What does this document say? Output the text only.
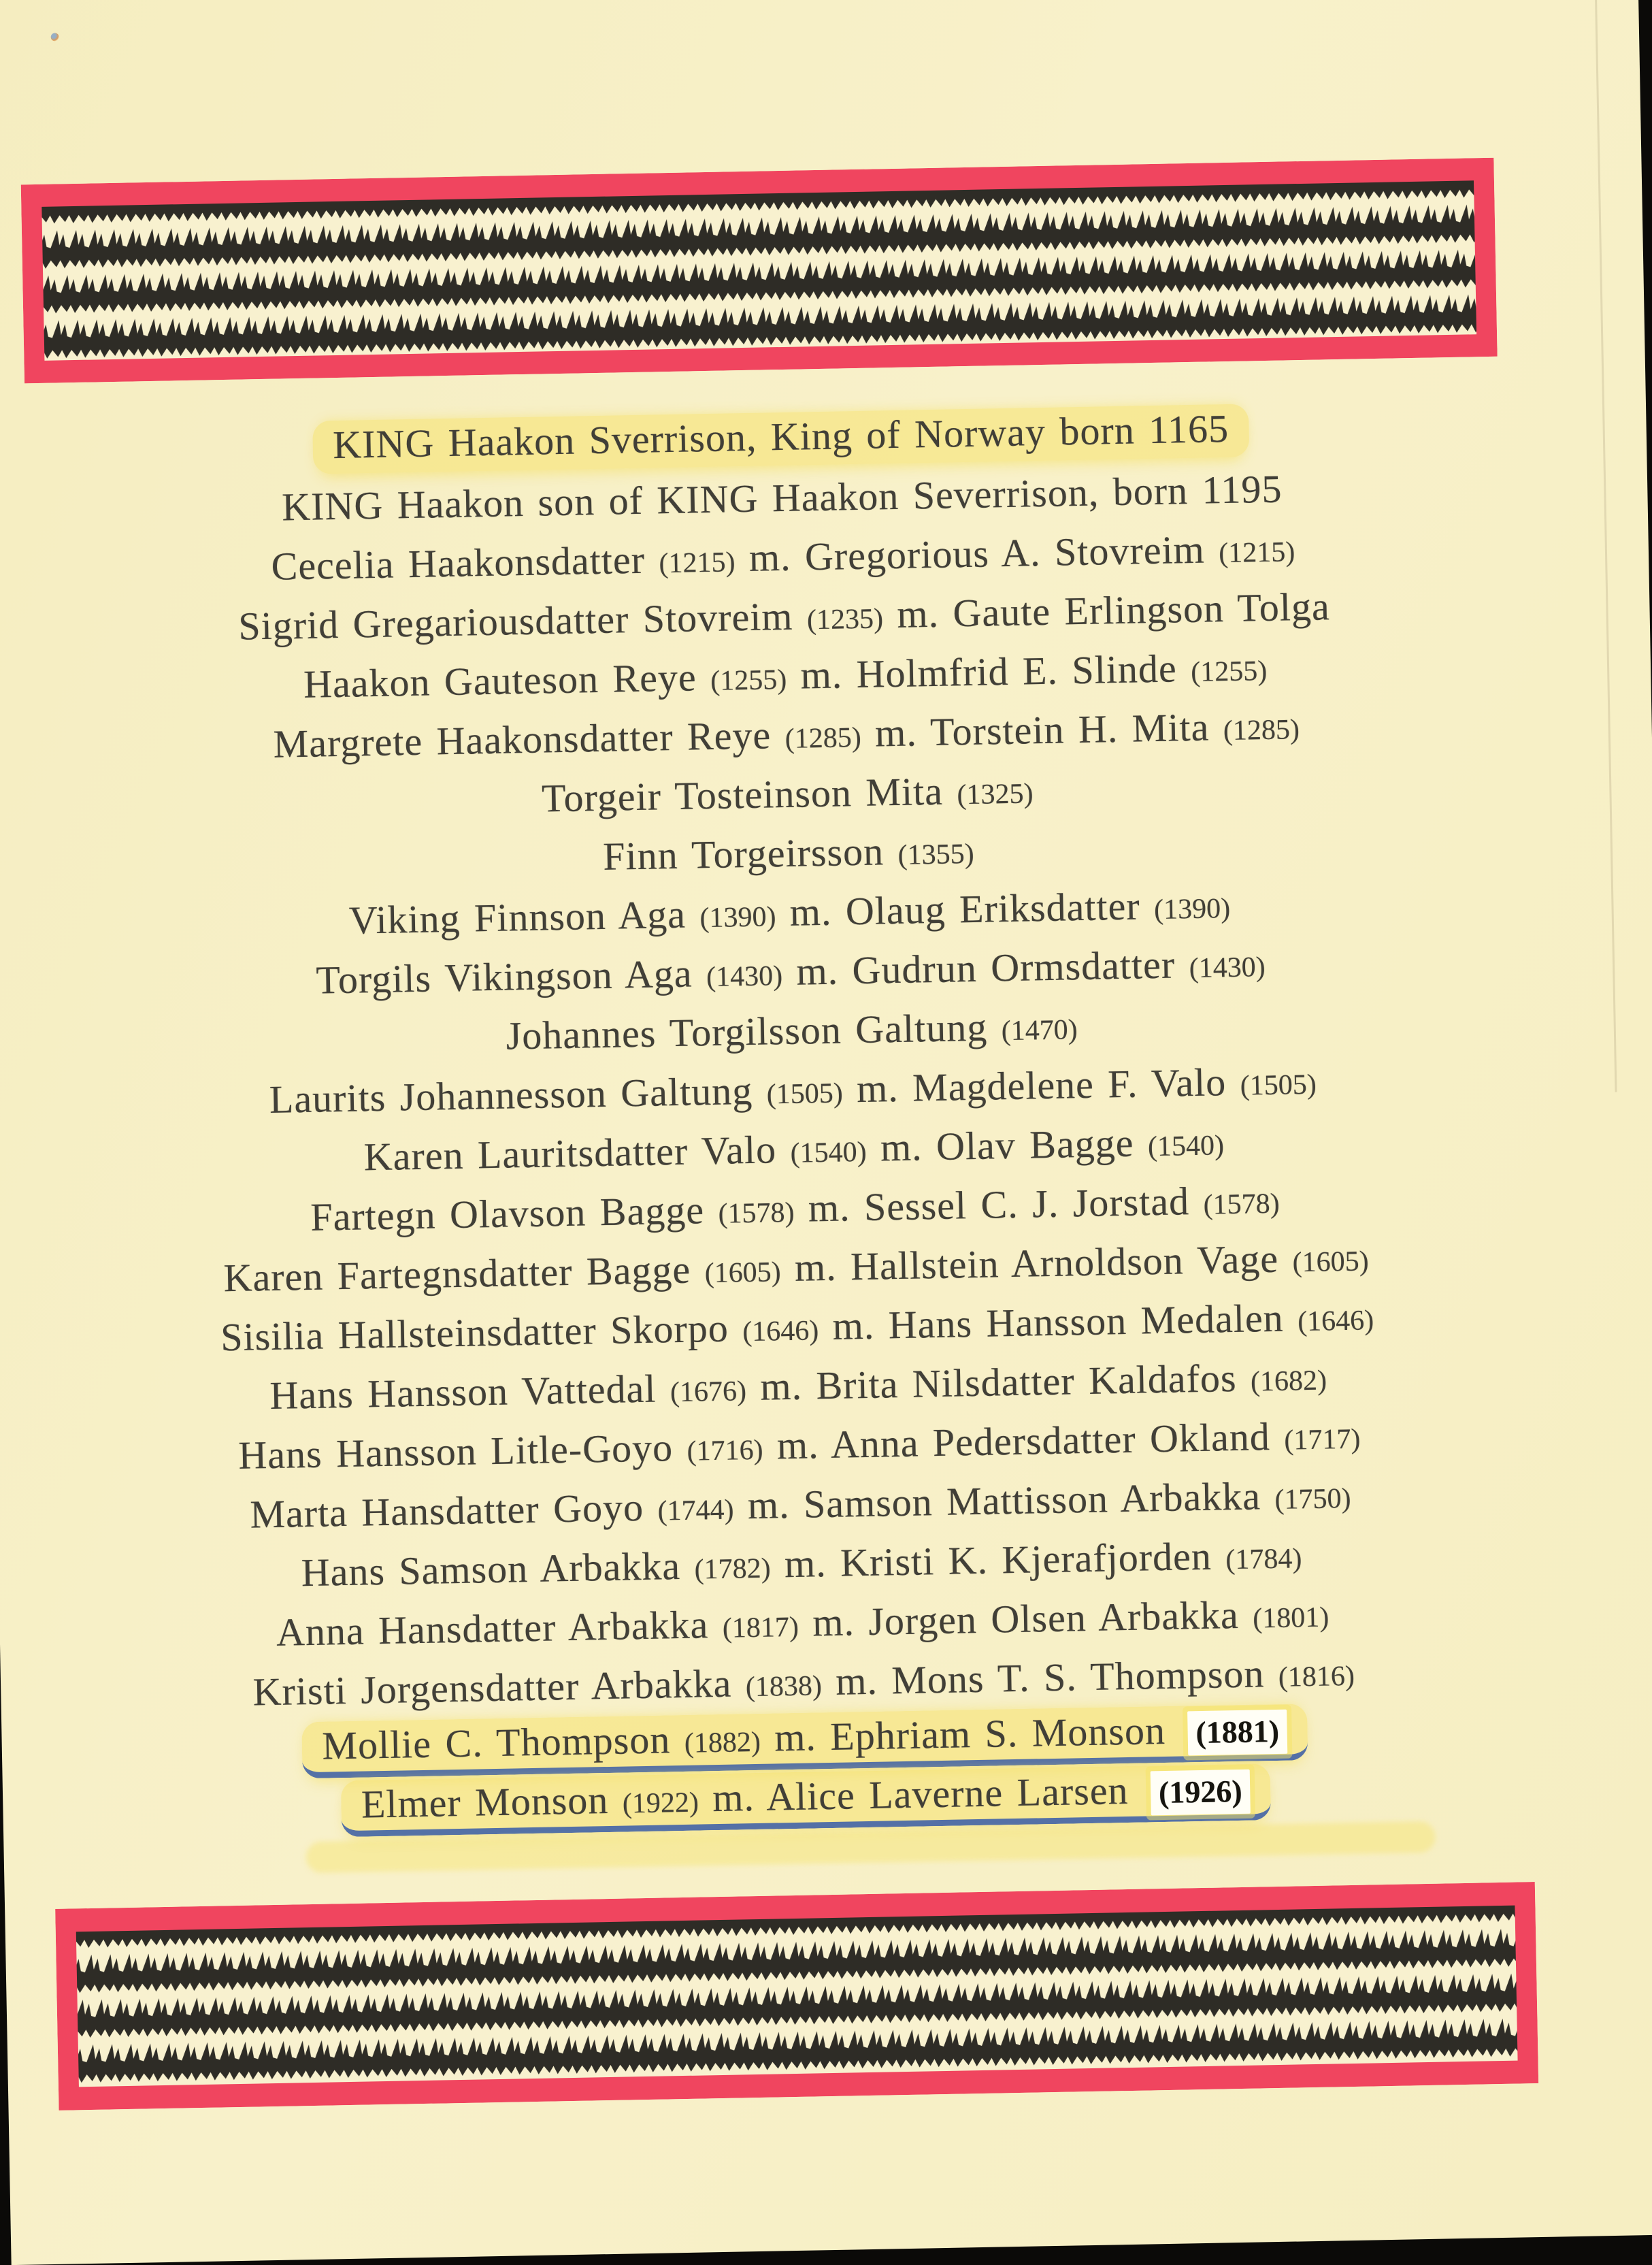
KING Haakon Sverrison, King of Norway born 1165
KING Haakon son of KING Haakon Severrison, born 1195
Cecelia Haakonsdatter (1215) m. Gregorious A. Stovreim (1215)
Sigrid Gregariousdatter Stovreim (1235) m. Gaute Erlingson Tolga
Haakon Gauteson Reye (1255) m. Holmfrid E. Slinde (1255)
Margrete Haakonsdatter Reye (1285) m. Torstein H. Mita (1285)
Torgeir Tosteinson Mita (1325)
Finn Torgeirsson (1355)
Viking Finnson Aga (1390) m. Olaug Eriksdatter (1390)
Torgils Vikingson Aga (1430) m. Gudrun Ormsdatter (1430)
Johannes Torgilsson Galtung (1470)
Laurits Johannesson Galtung (1505) m. Magdelene F. Valo (1505)
Karen Lauritsdatter Valo (1540) m. Olav Bagge (1540)
Fartegn Olavson Bagge (1578) m. Sessel C. J. Jorstad (1578)
Karen Fartegnsdatter Bagge (1605) m. Hallstein Arnoldson Vage (1605)
Sisilia Hallsteinsdatter Skorpo (1646) m. Hans Hansson Medalen (1646)
Hans Hansson Vattedal (1676) m. Brita Nilsdatter Kaldafos (1682)
Hans Hansson Litle-Goyo (1716) m. Anna Pedersdatter Okland (1717)
Marta Hansdatter Goyo (1744) m. Samson Mattisson Arbakka (1750)
Hans Samson Arbakka (1782) m. Kristi K. Kjerafjorden (1784)
Anna Hansdatter Arbakka (1817) m. Jorgen Olsen Arbakka (1801)
Kristi Jorgensdatter Arbakka (1838) m. Mons T. S. Thompson (1816)
Mollie C. Thompson (1882) m. Ephriam S. Monson (1881)
Elmer Monson (1922) m. Alice Laverne Larsen (1926)
